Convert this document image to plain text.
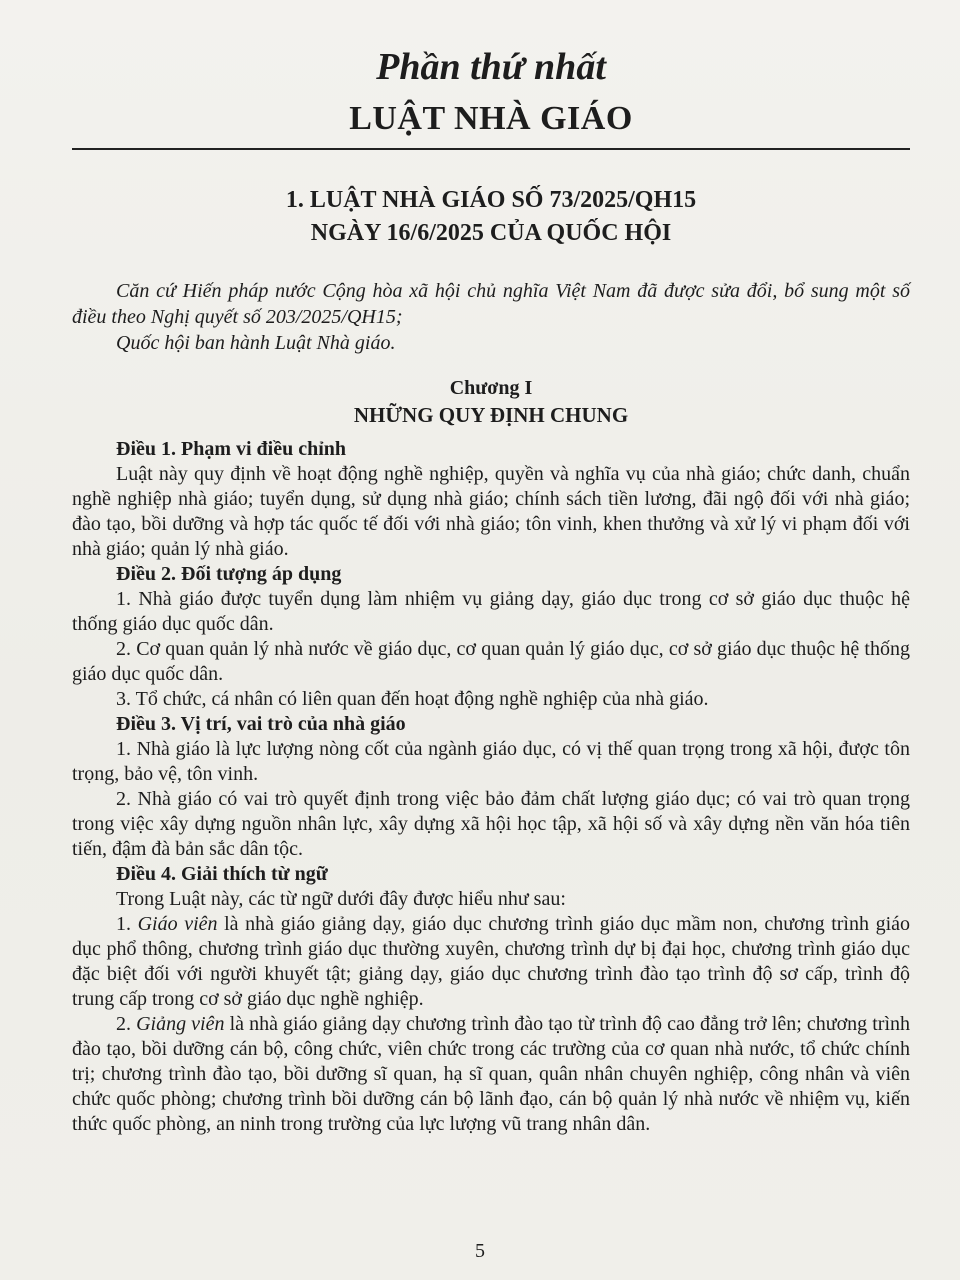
Phần thứ nhất
LUẬT NHÀ GIÁO
1. LUẬT NHÀ GIÁO SỐ 73/2025/QH15
NGÀY 16/6/2025 CỦA QUỐC HỘI

Căn cứ Hiến pháp nước Cộng hòa xã hội chủ nghĩa Việt Nam đã được sửa đổi, bổ sung một số điều theo Nghị quyết số 203/2025/QH15;

Quốc hội ban hành Luật Nhà giáo.

Chương I
NHỮNG QUY ĐỊNH CHUNG

Điều 1. Phạm vi điều chỉnh

Luật này quy định về hoạt động nghề nghiệp, quyền và nghĩa vụ của nhà giáo; chức danh, chuẩn nghề nghiệp nhà giáo; tuyển dụng, sử dụng nhà giáo; chính sách tiền lương, đãi ngộ đối với nhà giáo; đào tạo, bồi dưỡng và hợp tác quốc tế đối với nhà giáo; tôn vinh, khen thưởng và xử lý vi phạm đối với nhà giáo; quản lý nhà giáo.

Điều 2. Đối tượng áp dụng

1. Nhà giáo được tuyển dụng làm nhiệm vụ giảng dạy, giáo dục trong cơ sở giáo dục thuộc hệ thống giáo dục quốc dân.

2. Cơ quan quản lý nhà nước về giáo dục, cơ quan quản lý giáo dục, cơ sở giáo dục thuộc hệ thống giáo dục quốc dân.

3. Tổ chức, cá nhân có liên quan đến hoạt động nghề nghiệp của nhà giáo.

Điều 3. Vị trí, vai trò của nhà giáo

1. Nhà giáo là lực lượng nòng cốt của ngành giáo dục, có vị thế quan trọng trong xã hội, được tôn trọng, bảo vệ, tôn vinh.

2. Nhà giáo có vai trò quyết định trong việc bảo đảm chất lượng giáo dục; có vai trò quan trọng trong việc xây dựng nguồn nhân lực, xây dựng xã hội học tập, xã hội số và xây dựng nền văn hóa tiên tiến, đậm đà bản sắc dân tộc.

Điều 4. Giải thích từ ngữ

Trong Luật này, các từ ngữ dưới đây được hiểu như sau:

1. Giáo viên là nhà giáo giảng dạy, giáo dục chương trình giáo dục mầm non, chương trình giáo dục phổ thông, chương trình giáo dục thường xuyên, chương trình dự bị đại học, chương trình giáo dục đặc biệt đối với người khuyết tật; giảng dạy, giáo dục chương trình đào tạo trình độ sơ cấp, trình độ trung cấp trong cơ sở giáo dục nghề nghiệp.

2. Giảng viên là nhà giáo giảng dạy chương trình đào tạo từ trình độ cao đẳng trở lên; chương trình đào tạo, bồi dưỡng cán bộ, công chức, viên chức trong các trường của cơ quan nhà nước, tổ chức chính trị; chương trình đào tạo, bồi dưỡng sĩ quan, hạ sĩ quan, quân nhân chuyên nghiệp, công nhân và viên chức quốc phòng; chương trình bồi dưỡng cán bộ lãnh đạo, cán bộ quản lý nhà nước về nhiệm vụ, kiến thức quốc phòng, an ninh trong trường của lực lượng vũ trang nhân dân.

5
